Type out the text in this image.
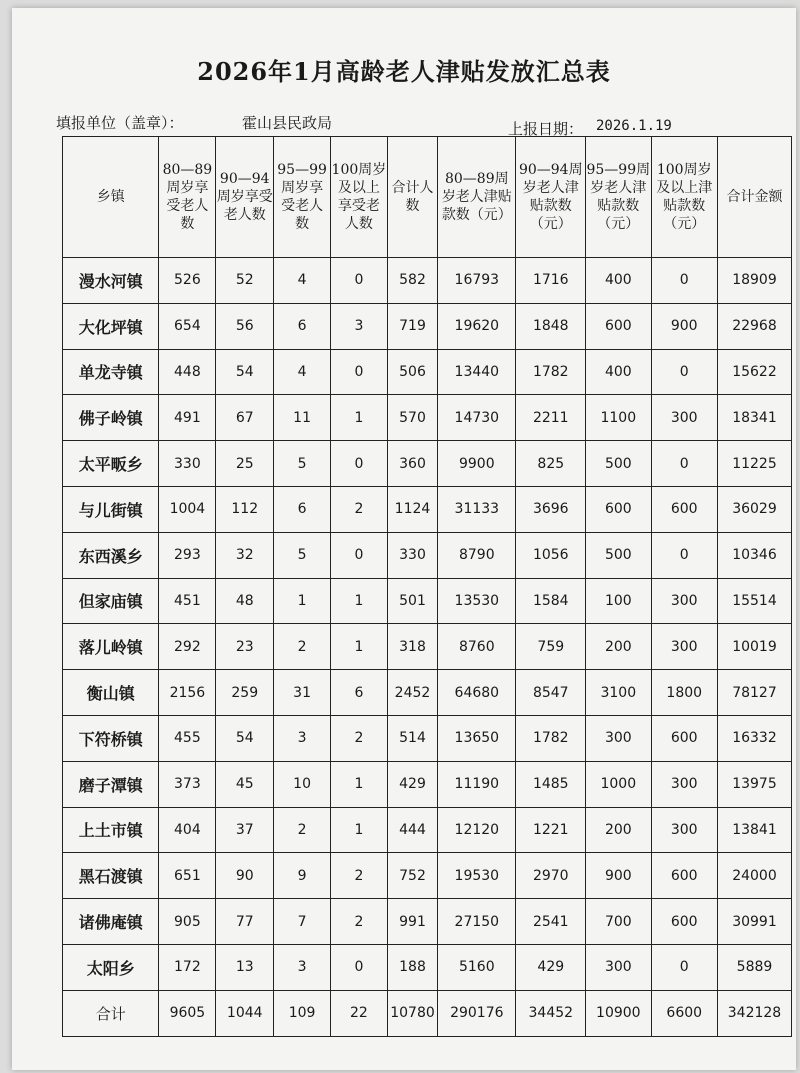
2026年1月高龄老人津贴发放汇总表
填报单位（盖章）：	霍山县民政局	上报日期： 2026.1.19
乡镇	80—89周岁享受老人数	90—94周岁享受老人数	95—99周岁享受老人数	100周岁及以上享受老人数	合计人数	80—89周岁老人津贴款数（元）	90—94周岁老人津贴款数（元）	95—99周岁老人津贴款数（元）	100周岁及以上津贴款数（元）	合计金额
漫水河镇	526	52	4	0	582	16793	1716	400	0	18909
大化坪镇	654	56	6	3	719	19620	1848	600	900	22968
单龙寺镇	448	54	4	0	506	13440	1782	400	0	15622
佛子岭镇	491	67	11	1	570	14730	2211	1100	300	18341
太平畈乡	330	25	5	0	360	9900	825	500	0	11225
与儿街镇	1004	112	6	2	1124	31133	3696	600	600	36029
东西溪乡	293	32	5	0	330	8790	1056	500	0	10346
但家庙镇	451	48	1	1	501	13530	1584	100	300	15514
落儿岭镇	292	23	2	1	318	8760	759	200	300	10019
衡山镇	2156	259	31	6	2452	64680	8547	3100	1800	78127
下符桥镇	455	54	3	2	514	13650	1782	300	600	16332
磨子潭镇	373	45	10	1	429	11190	1485	1000	300	13975
上土市镇	404	37	2	1	444	12120	1221	200	300	13841
黑石渡镇	651	90	9	2	752	19530	2970	900	600	24000
诸佛庵镇	905	77	7	2	991	27150	2541	700	600	30991
太阳乡	172	13	3	0	188	5160	429	300	0	5889
合计	9605	1044	109	22	10780	290176	34452	10900	6600	342128
